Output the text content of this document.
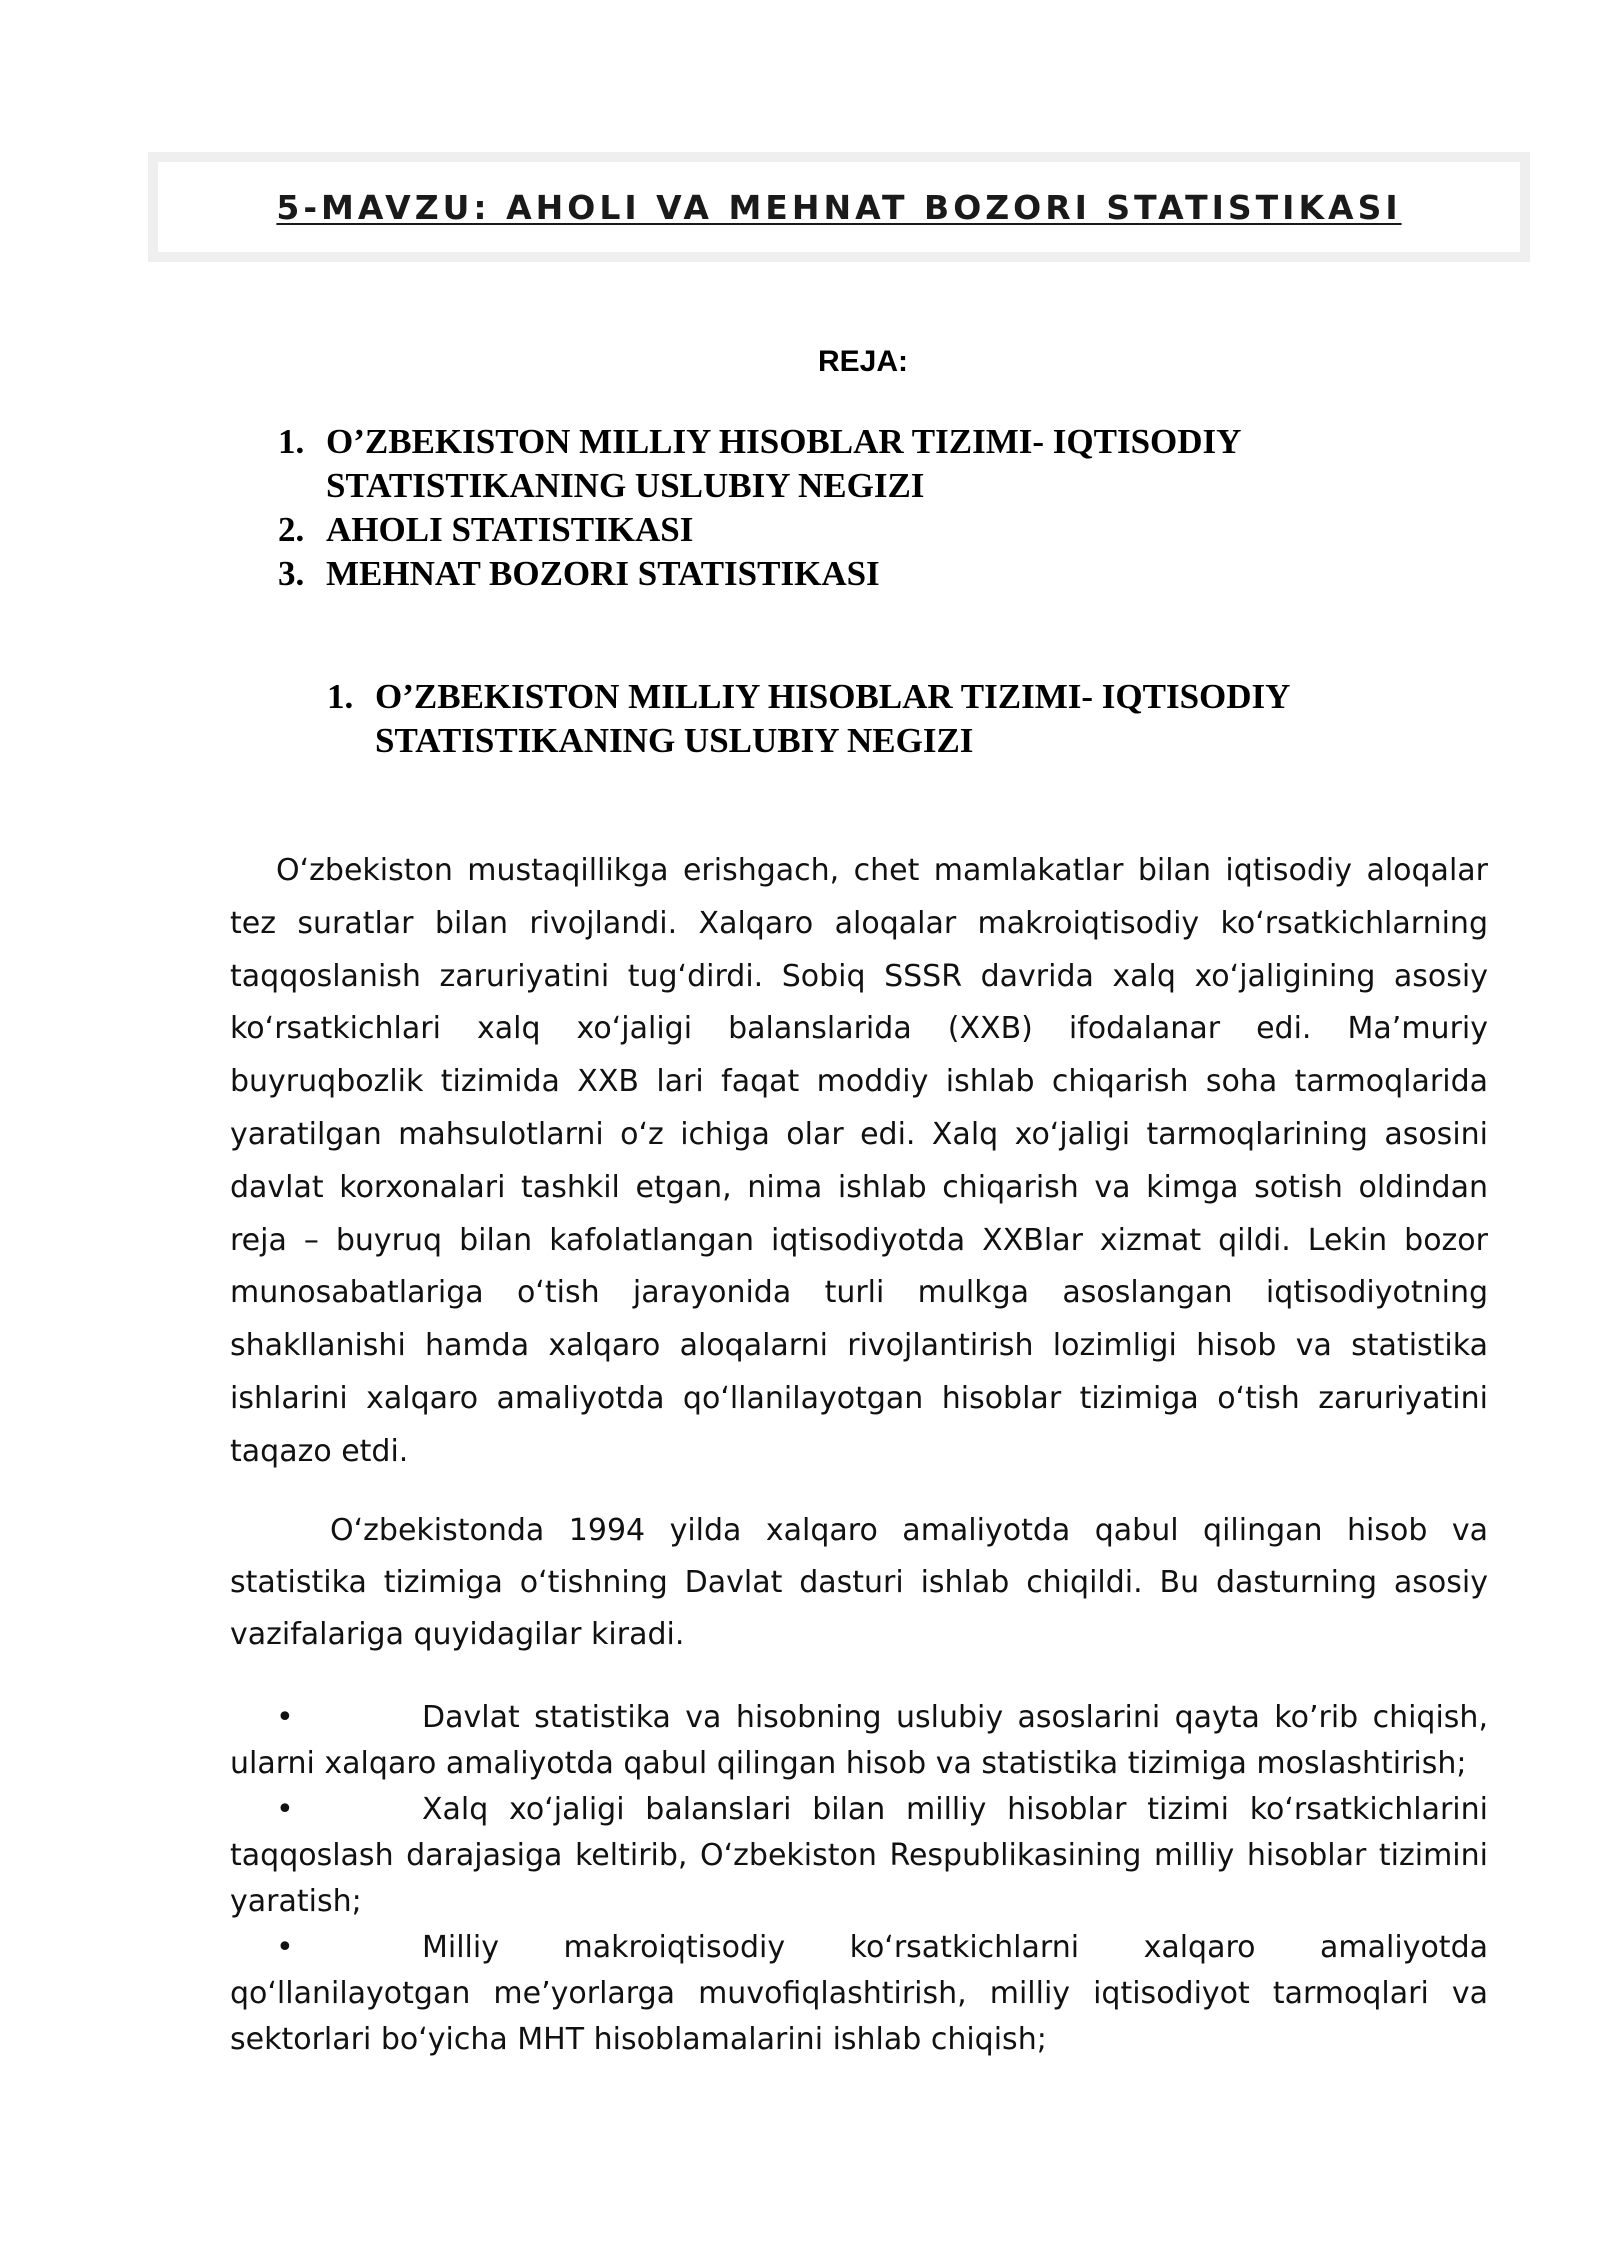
5-MAVZU: AHOLI VA MEHNAT BOZORI STATISTIKASI
REJA:
1. O’ZBEKISTON MILLIY HISOBLAR TIZIMI- IQTISODIY STATISTIKANING USLUBIY NEGIZI
2. AHOLI STATISTIKASI
3. MEHNAT BOZORI STATISTIKASI
1. O’ZBEKISTON MILLIY HISOBLAR TIZIMI- IQTISODIY STATISTIKANING USLUBIY NEGIZI

O‘zbekiston mustaqillikga erishgach, chet mamlakatlar bilan iqtisodiy aloqalar tez suratlar bilan rivojlandi. Xalqaro aloqalar makroiqtisodiy ko‘rsatkichlarning taqqoslanish zaruriyatini tug‘dirdi. Sobiq SSSR davrida xalq xo‘jaligining asosiy ko‘rsatkichlari xalq xo‘jaligi balanslarida (XXB) ifodalanar edi. Ma’muriy buyruqbozlik tizimida XXB lari faqat moddiy ishlab chiqarish soha tarmoqlarida yaratilgan mahsulotlarni o‘z ichiga olar edi. Xalq xo‘jaligi tarmoqlarining asosini davlat korxonalari tashkil etgan, nima ishlab chiqarish va kimga sotish oldindan reja – buyruq bilan kafolatlangan iqtisodiyotda XXBlar xizmat qildi. Lekin bozor munosabatlariga o‘tish jarayonida turli mulkga asoslangan iqtisodiyotning shakllanishi hamda xalqaro aloqalarni rivojlantirish lozimligi hisob va statistika ishlarini xalqaro amaliyotda qo‘llanilayotgan hisoblar tizimiga o‘tish zaruriyatini taqazo etdi.

O‘zbekistonda 1994 yilda xalqaro amaliyotda qabul qilingan hisob va statistika tizimiga o‘tishning Davlat dasturi ishlab chiqildi. Bu dasturning asosiy vazifalariga quyidagilar kiradi.

•	Davlat statistika va hisobning uslubiy asoslarini qayta ko’rib chiqish, ularni xalqaro amaliyotda qabul qilingan hisob va statistika tizimiga moslashtirish;

•	Xalq xo‘jaligi balanslari bilan milliy hisoblar tizimi ko‘rsatkichlarini taqqoslash darajasiga keltirib, O‘zbekiston Respublikasining milliy hisoblar tizimini yaratish;

•	Milliy makroiqtisodiy ko‘rsatkichlarni xalqaro amaliyotda qo‘llanilayotgan me’yorlarga muvofiqlashtirish, milliy iqtisodiyot tarmoqlari va sektorlari bo‘yicha MHT hisoblamalarini ishlab chiqish;
